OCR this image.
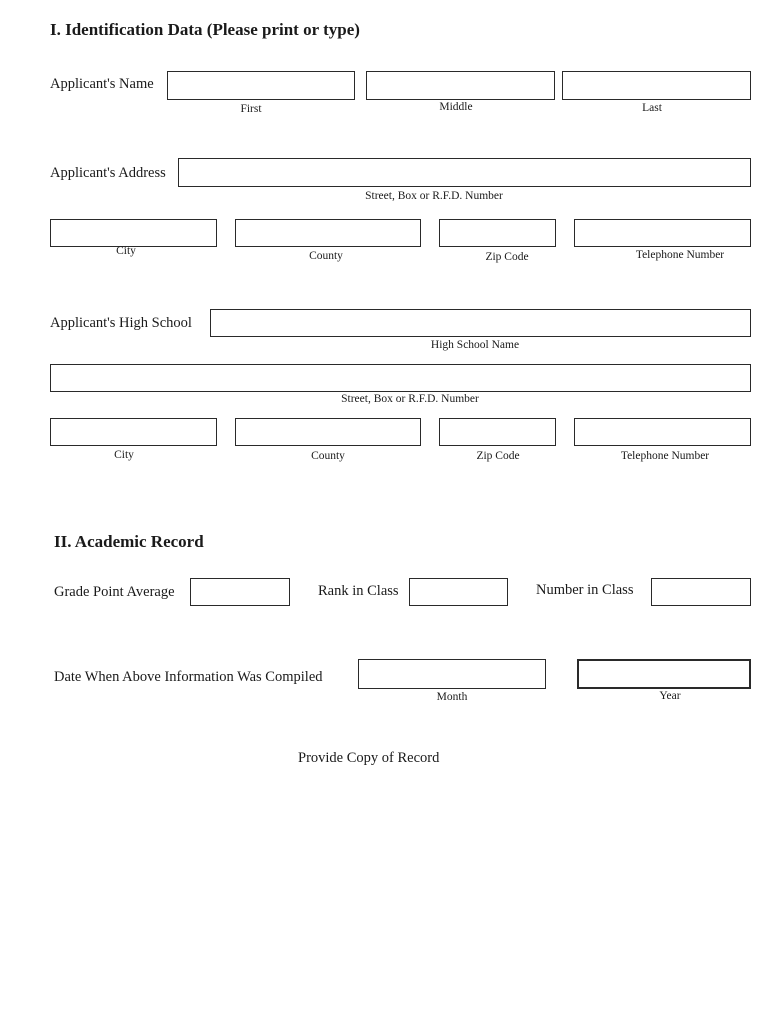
I. Identification Data (Please print or type)
Applicant's Name
First	Middle	Last
Applicant's Address
Street, Box or R.F.D. Number
City	County	Zip Code	Telephone Number
Applicant's High School
High School Name
Street, Box or R.F.D. Number
City	County	Zip Code	Telephone Number
II. Academic Record
Grade Point Average	Rank in Class	Number in Class
Date When Above Information Was Compiled
Month	Year
Provide Copy of Record
